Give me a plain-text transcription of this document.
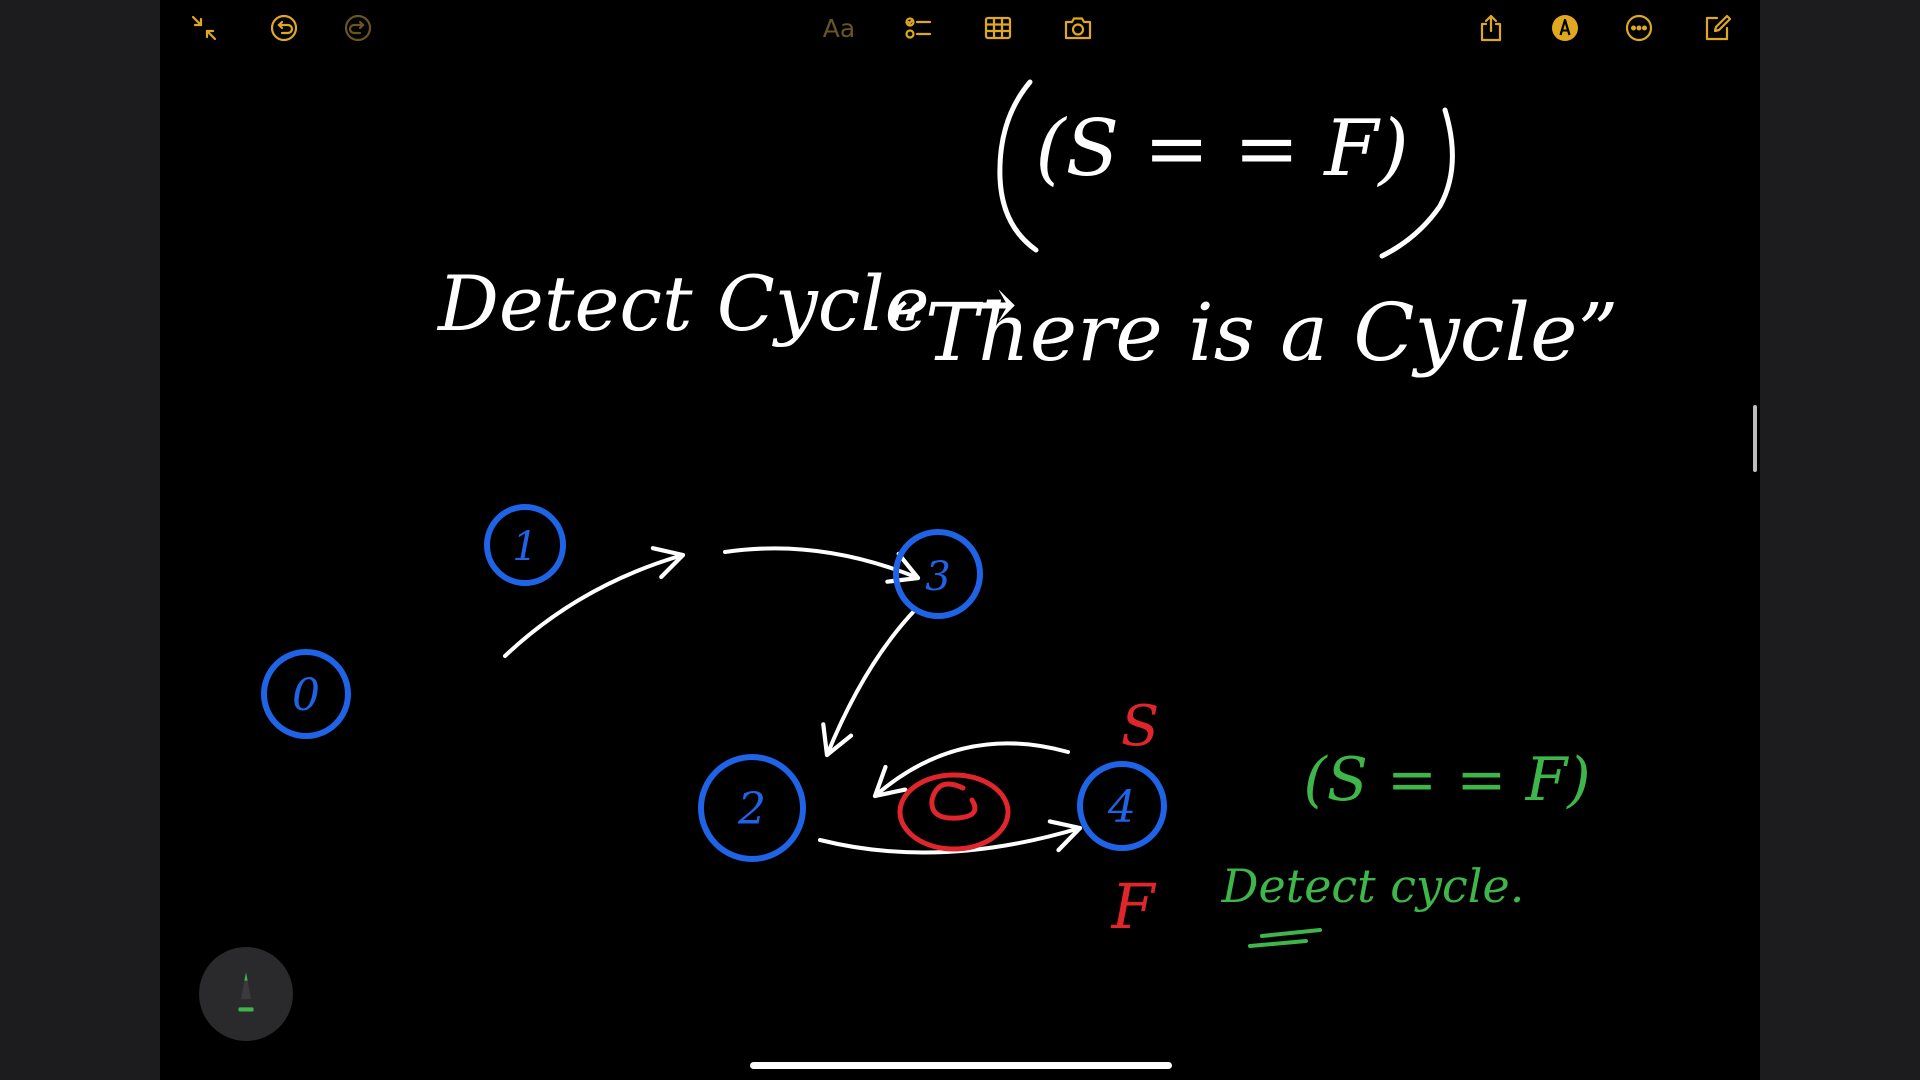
Aa
(S = = F)
Detect Cycle →
“There is a Cycle”
0
1
3
2	4
S
F
(S = = F)
Detect cycle.
